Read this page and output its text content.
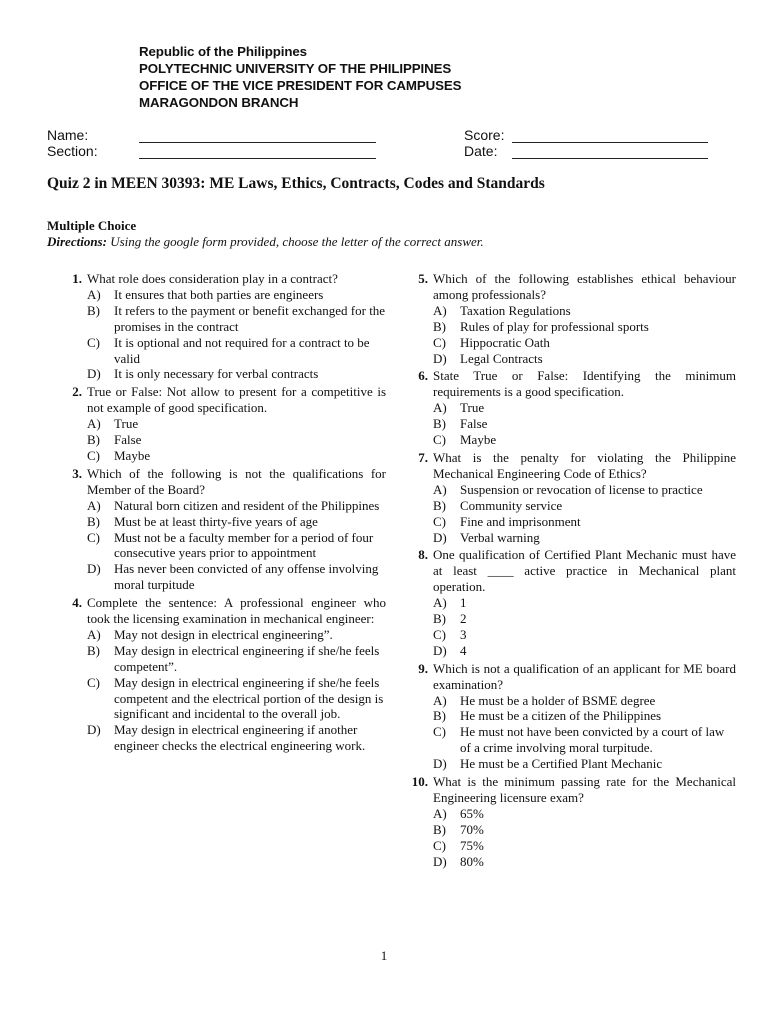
Republic of the Philippines
POLYTECHNIC UNIVERSITY OF THE PHILIPPINES
OFFICE OF THE VICE PRESIDENT FOR CAMPUSES
MARAGONDON BRANCH
Name:
Section:
Score:
Date:
Quiz 2 in MEEN 30393: ME Laws, Ethics, Contracts, Codes and Standards
Multiple Choice
Directions: Using the google form provided, choose the letter of the correct answer.
1. What role does consideration play in a contract?
A) It ensures that both parties are engineers
B) It refers to the payment or benefit exchanged for the promises in the contract
C) It is optional and not required for a contract to be valid
D) It is only necessary for verbal contracts
2. True or False: Not allow to present for a competitive is not example of good specification.
A) True
B) False
C) Maybe
3. Which of the following is not the qualifications for Member of the Board?
A) Natural born citizen and resident of the Philippines
B) Must be at least thirty-five years of age
C) Must not be a faculty member for a period of four consecutive years prior to appointment
D) Has never been convicted of any offense involving moral turpitude
4. Complete the sentence: A professional engineer who took the licensing examination in mechanical engineer:
A) May not design in electrical engineering”.
B) May design in electrical engineering if she/he feels competent”.
C) May design in electrical engineering if she/he feels competent and the electrical portion of the design is significant and incidental to the overall job.
D) May design in electrical engineering if another engineer checks the electrical engineering work.
5. Which of the following establishes ethical behaviour among professionals?
A) Taxation Regulations
B) Rules of play for professional sports
C) Hippocratic Oath
D) Legal Contracts
6. State True or False: Identifying the minimum requirements is a good specification.
A) True
B) False
C) Maybe
7. What is the penalty for violating the Philippine Mechanical Engineering Code of Ethics?
A) Suspension or revocation of license to practice
B) Community service
C) Fine and imprisonment
D) Verbal warning
8. One qualification of Certified Plant Mechanic must have at least ____ active practice in Mechanical plant operation.
A) 1
B) 2
C) 3
D) 4
9. Which is not a qualification of an applicant for ME board examination?
A) He must be a holder of BSME degree
B) He must be a citizen of the Philippines
C) He must not have been convicted by a court of law of a crime involving moral turpitude.
D) He must be a Certified Plant Mechanic
10. What is the minimum passing rate for the Mechanical Engineering licensure exam?
A) 65%
B) 70%
C) 75%
D) 80%
1
